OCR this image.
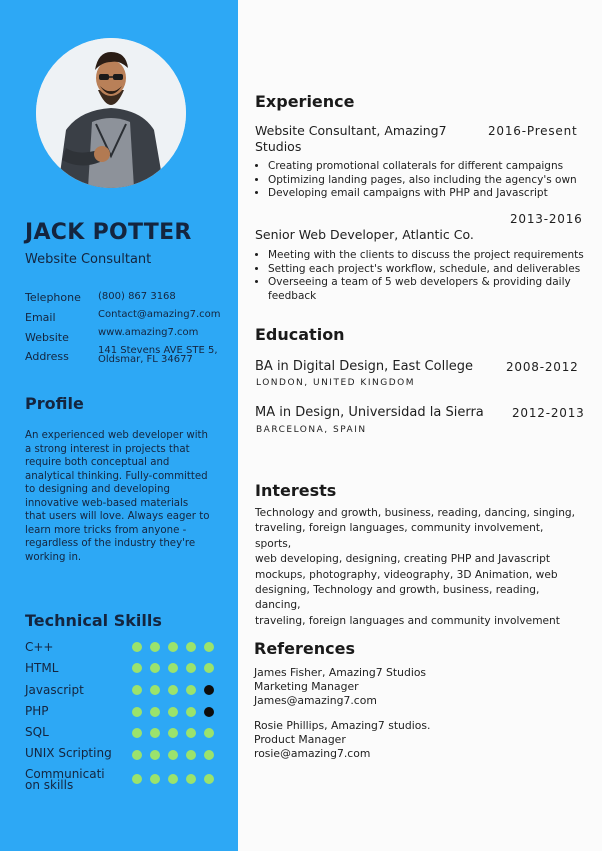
JACK POTTER
Website Consultant
Telephone (800) 867 3168
Email	Contact@amazing7.com
Website	www.amazing7.com
Address	141 Stevens AVE STE 5,
Oldsmar, FL 34677
Profile
An experienced web developer with
a strong interest in projects that
require both conceptual and
analytical thinking. Fully-committed
to designing and developing
innovative web-based materials
that users will love. Always eager to
learn more tricks from anyone -
regardless of the industry they're
working in.
Technical Skills
C++
HTML
Javascript
PHP
SQL
UNIX Scripting
Communicati
on skills
Experience
Website Consultant, Amazing7
Studios
2016-Present
• Creating promotional collaterals for different campaigns
• Optimizing landing pages, also including the agency's own
• Developing email campaigns with PHP and Javascript
2013-2016
Senior Web Developer, Atlantic Co.
• Meeting with the clients to discuss the project requirements
• Setting each project's workflow, schedule, and deliverables
• Overseeing a team of 5 web developers & providing daily feedback
Education
BA in Digital Design, East College	2008-2012
LONDON, UNITED KINGDOM
MA in Design, Universidad la Sierra 2012-2013
BARCELONA, SPAIN
Interests
Technology and growth, business, reading, dancing, singing,
traveling, foreign languages, community involvement, sports,
web developing, designing, creating PHP and Javascript
mockups, photography, videography, 3D Animation, web
designing, Technology and growth, business, reading, dancing,
traveling, foreign languages and community involvement
References
James Fisher, Amazing7 Studios
Marketing Manager
James@amazing7.com
Rosie Phillips, Amazing7 studios.
Product Manager
rosie@amazing7.com
